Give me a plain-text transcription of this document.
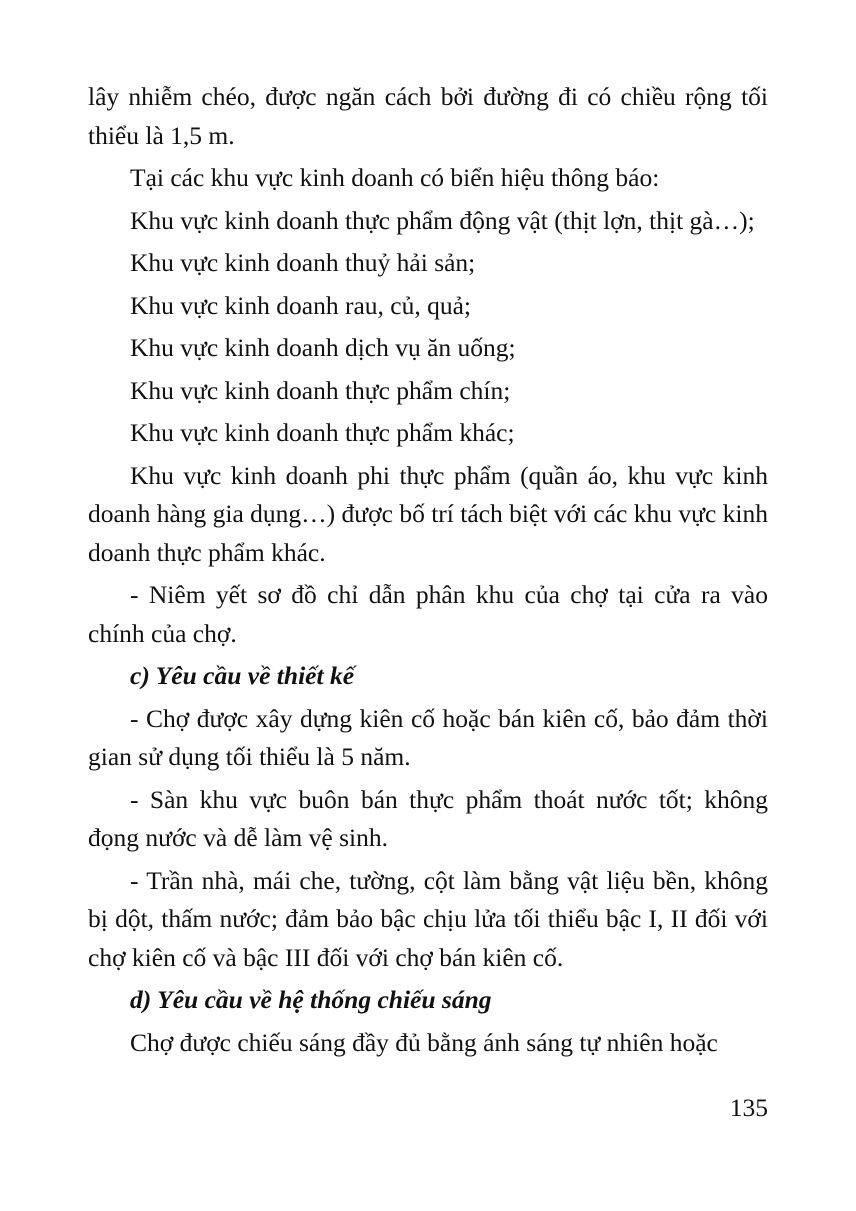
lây nhiễm chéo, được ngăn cách bởi đường đi có chiều rộng tối thiểu là 1,5 m.

Tại các khu vực kinh doanh có biển hiệu thông báo:

Khu vực kinh doanh thực phẩm động vật (thịt lợn, thịt gà…);

Khu vực kinh doanh thuỷ hải sản;

Khu vực kinh doanh rau, củ, quả;

Khu vực kinh doanh dịch vụ ăn uống;

Khu vực kinh doanh thực phẩm chín;

Khu vực kinh doanh thực phẩm khác;

Khu vực kinh doanh phi thực phẩm (quần áo, khu vực kinh doanh hàng gia dụng…) được bố trí tách biệt với các khu vực kinh doanh thực phẩm khác.

- Niêm yết sơ đồ chỉ dẫn phân khu của chợ tại cửa ra vào chính của chợ.

c) Yêu cầu về thiết kế

- Chợ được xây dựng kiên cố hoặc bán kiên cố, bảo đảm thời gian sử dụng tối thiểu là 5 năm.

- Sàn khu vực buôn bán thực phẩm thoát nước tốt; không đọng nước và dễ làm vệ sinh.

- Trần nhà, mái che, tường, cột làm bằng vật liệu bền, không bị dột, thấm nước; đảm bảo bậc chịu lửa tối thiểu bậc I, II đối với chợ kiên cố và bậc III đối với chợ bán kiên cố.

d) Yêu cầu về hệ thống chiếu sáng

Chợ được chiếu sáng đầy đủ bằng ánh sáng tự nhiên hoặc

135
